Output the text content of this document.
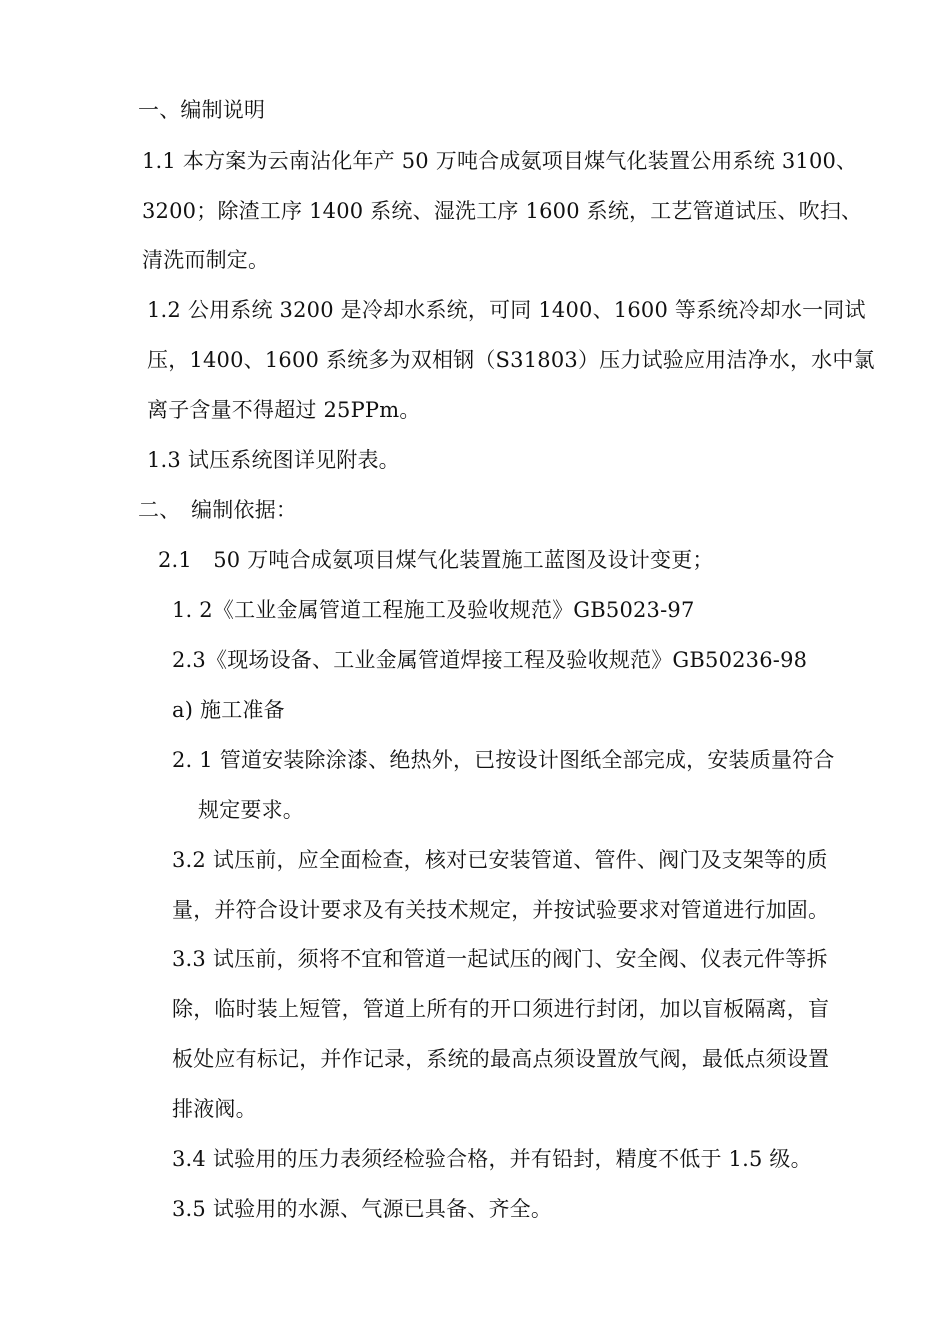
一、编制说明
1.1 本方案为云南沾化年产 50 万吨合成氨项目煤气化装置公用系统 3100、
3200；除渣工序 1400 系统、湿洗工序 1600 系统，工艺管道试压、吹扫、
清洗而制定。
1.2 公用系统 3200 是冷却水系统，可同 1400、1600 等系统冷却水一同试
压，1400、1600 系统多为双相钢（S31803）压力试验应用洁净水，水中氯
离子含量不得超过 25PPm。
1.3 试压系统图详见附表。
二、　编制依据：
2.1　50 万吨合成氨项目煤气化装置施工蓝图及设计变更；
1. 2《工业金属管道工程施工及验收规范》GB5023-97
2.3《现场设备、工业金属管道焊接工程及验收规范》GB50236-98
a) 施工准备
2. 1 管道安装除涂漆、绝热外，已按设计图纸全部完成，安装质量符合
规定要求。
3.2 试压前，应全面检查，核对已安装管道、管件、阀门及支架等的质
量，并符合设计要求及有关技术规定，并按试验要求对管道进行加固。
3.3 试压前，须将不宜和管道一起试压的阀门、安全阀、仪表元件等拆
除，临时装上短管，管道上所有的开口须进行封闭，加以盲板隔离，盲
板处应有标记，并作记录，系统的最高点须设置放气阀，最低点须设置
排液阀。
3.4 试验用的压力表须经检验合格，并有铅封，精度不低于 1.5 级。
3.5 试验用的水源、气源已具备、齐全。
